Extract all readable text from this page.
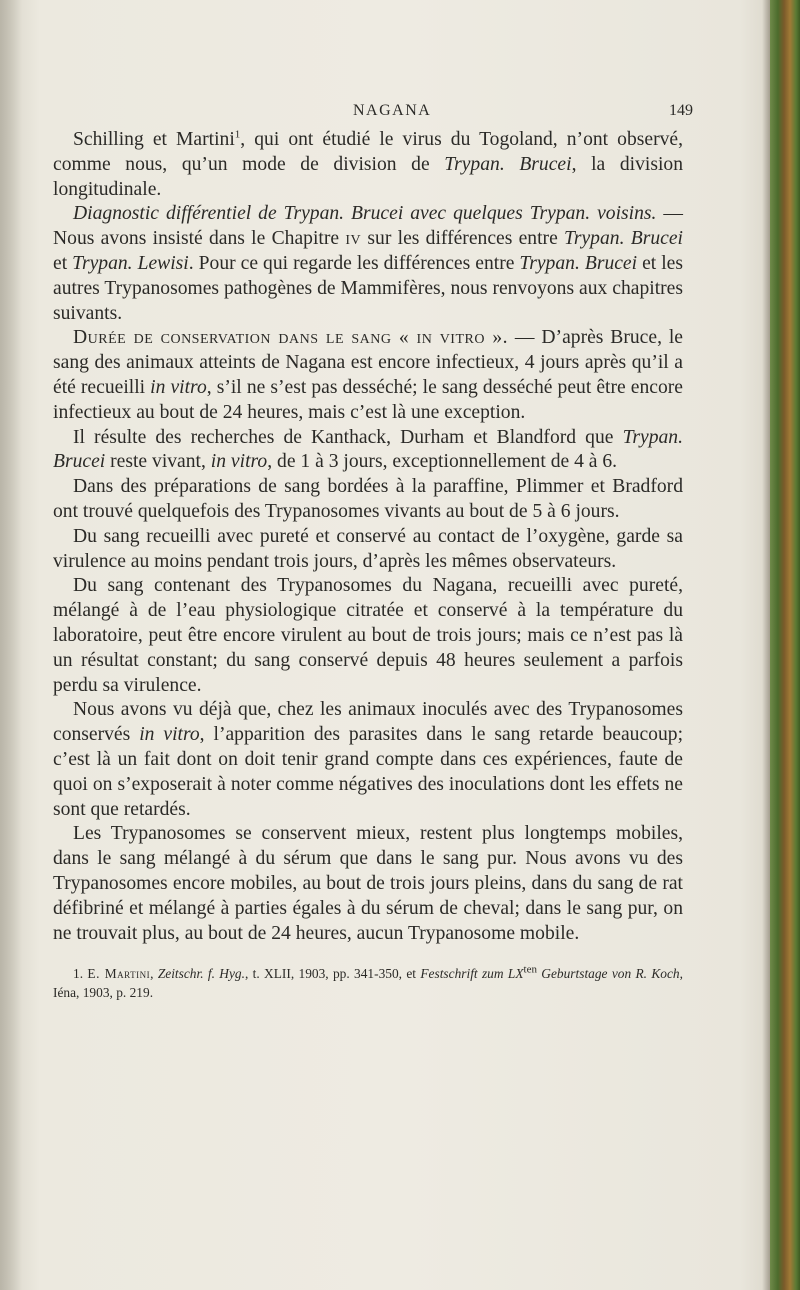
NAGANA	149

Schilling et Martini$^1$, qui ont étudié le virus du Togoland, n’ont observé, comme nous, qu’un mode de division de Trypan. Brucei, la division longitudinale.

Diagnostic différentiel de Trypan. Brucei avec quelques Trypan. voisins. — Nous avons insisté dans le Chapitre iv sur les différences entre Trypan. Brucei et Trypan. Lewisi. Pour ce qui regarde les différences entre Trypan. Brucei et les autres Trypanosomes pathogènes de Mammifères, nous renvoyons aux chapitres suivants.

Durée de conservation dans le sang « in vitro ». — D’après Bruce, le sang des animaux atteints de Nagana est encore infectieux, 4 jours après qu’il a été recueilli in vitro, s’il ne s’est pas desséché; le sang desséché peut être encore infectieux au bout de 24 heures, mais c’est là une exception.

Il résulte des recherches de Kanthack, Durham et Blandford que Trypan. Brucei reste vivant, in vitro, de 1 à 3 jours, exceptionnellement de 4 à 6.

Dans des préparations de sang bordées à la paraffine, Plimmer et Bradford ont trouvé quelquefois des Trypanosomes vivants au bout de 5 à 6 jours.

Du sang recueilli avec pureté et conservé au contact de l’oxygène, garde sa virulence au moins pendant trois jours, d’après les mêmes observateurs.

Du sang contenant des Trypanosomes du Nagana, recueilli avec pureté, mélangé à de l’eau physiologique citratée et conservé à la température du laboratoire, peut être encore virulent au bout de trois jours; mais ce n’est pas là un résultat constant; du sang conservé depuis 48 heures seulement a parfois perdu sa virulence.

Nous avons vu déjà que, chez les animaux inoculés avec des Trypanosomes conservés in vitro, l’apparition des parasites dans le sang retarde beaucoup; c’est là un fait dont on doit tenir grand compte dans ces expériences, faute de quoi on s’exposerait à noter comme négatives des inoculations dont les effets ne sont que retardés.

Les Trypanosomes se conservent mieux, restent plus longtemps mobiles, dans le sang mélangé à du sérum que dans le sang pur. Nous avons vu des Trypanosomes encore mobiles, au bout de trois jours pleins, dans du sang de rat défibriné et mélangé à parties égales à du sérum de cheval; dans le sang pur, on ne trouvait plus, au bout de 24 heures, aucun Trypanosome mobile.

1. E. Martini, Zeitschr. f. Hyg., t. XLII, 1903, pp. 341-350, et Festschrift zum $LX^{ten}$ Geburtstage von R. Koch, Iéna, 1903, p. 219.
